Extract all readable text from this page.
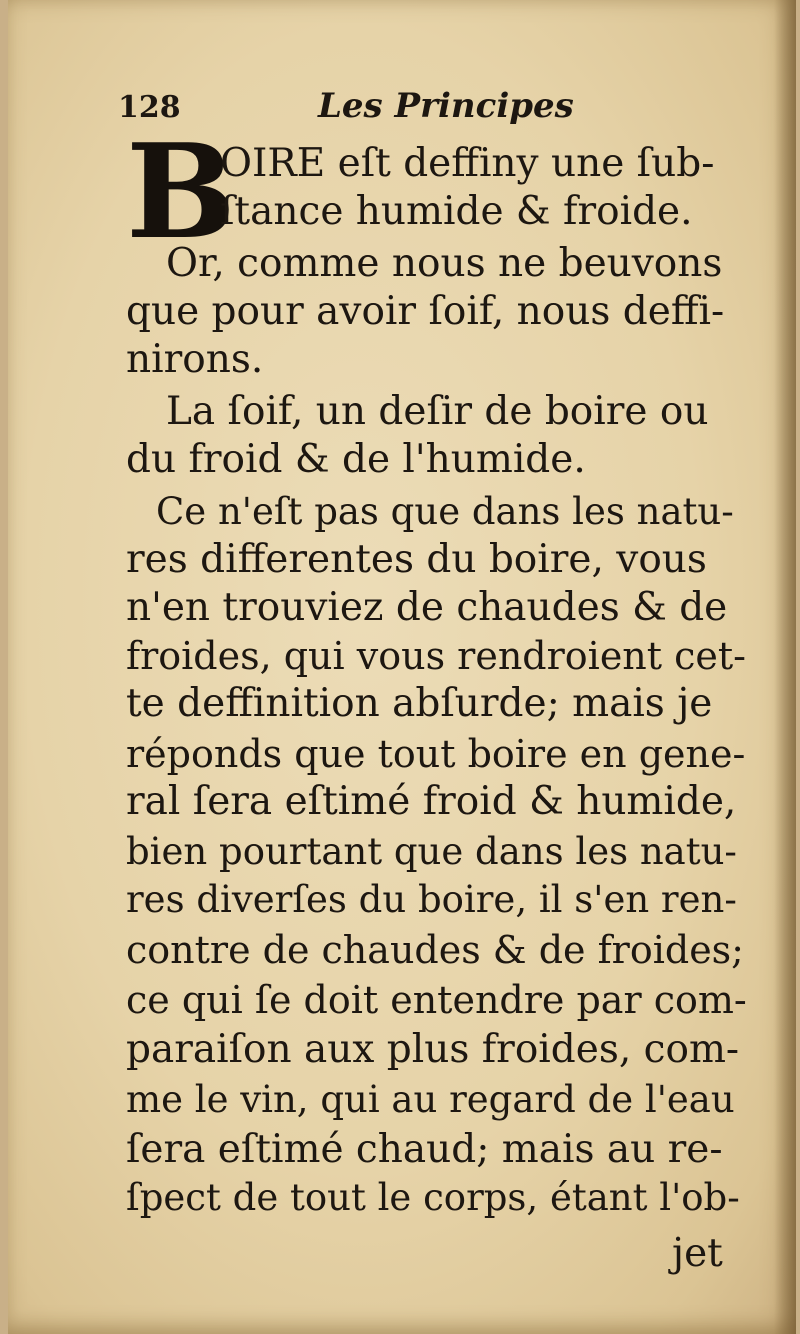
128	Les Principes
B
OIRE eſt deffiny une ſub-
ſtance humide & froide.
Or, comme nous ne beuvons
que pour avoir ſoif, nous deffi-
nirons.
La ſoif, un deſir de boire ou
du froid & de l'humide.
Ce n'eſt pas que dans les natu-
res differentes du boire, vous
n'en trouviez de chaudes & de
froides, qui vous rendroient cet-
te deffinition abſurde; mais je
réponds que tout boire en gene-
ral ſera eſtimé froid & humide,
bien pourtant que dans les natu-
res diverſes du boire, il s'en ren-
contre de chaudes & de froides;
ce qui ſe doit entendre par com-
paraiſon aux plus froides, com-
me le vin, qui au regard de l'eau
ſera eſtimé chaud; mais au re-
ſpect de tout le corps, étant l'ob-
jet
